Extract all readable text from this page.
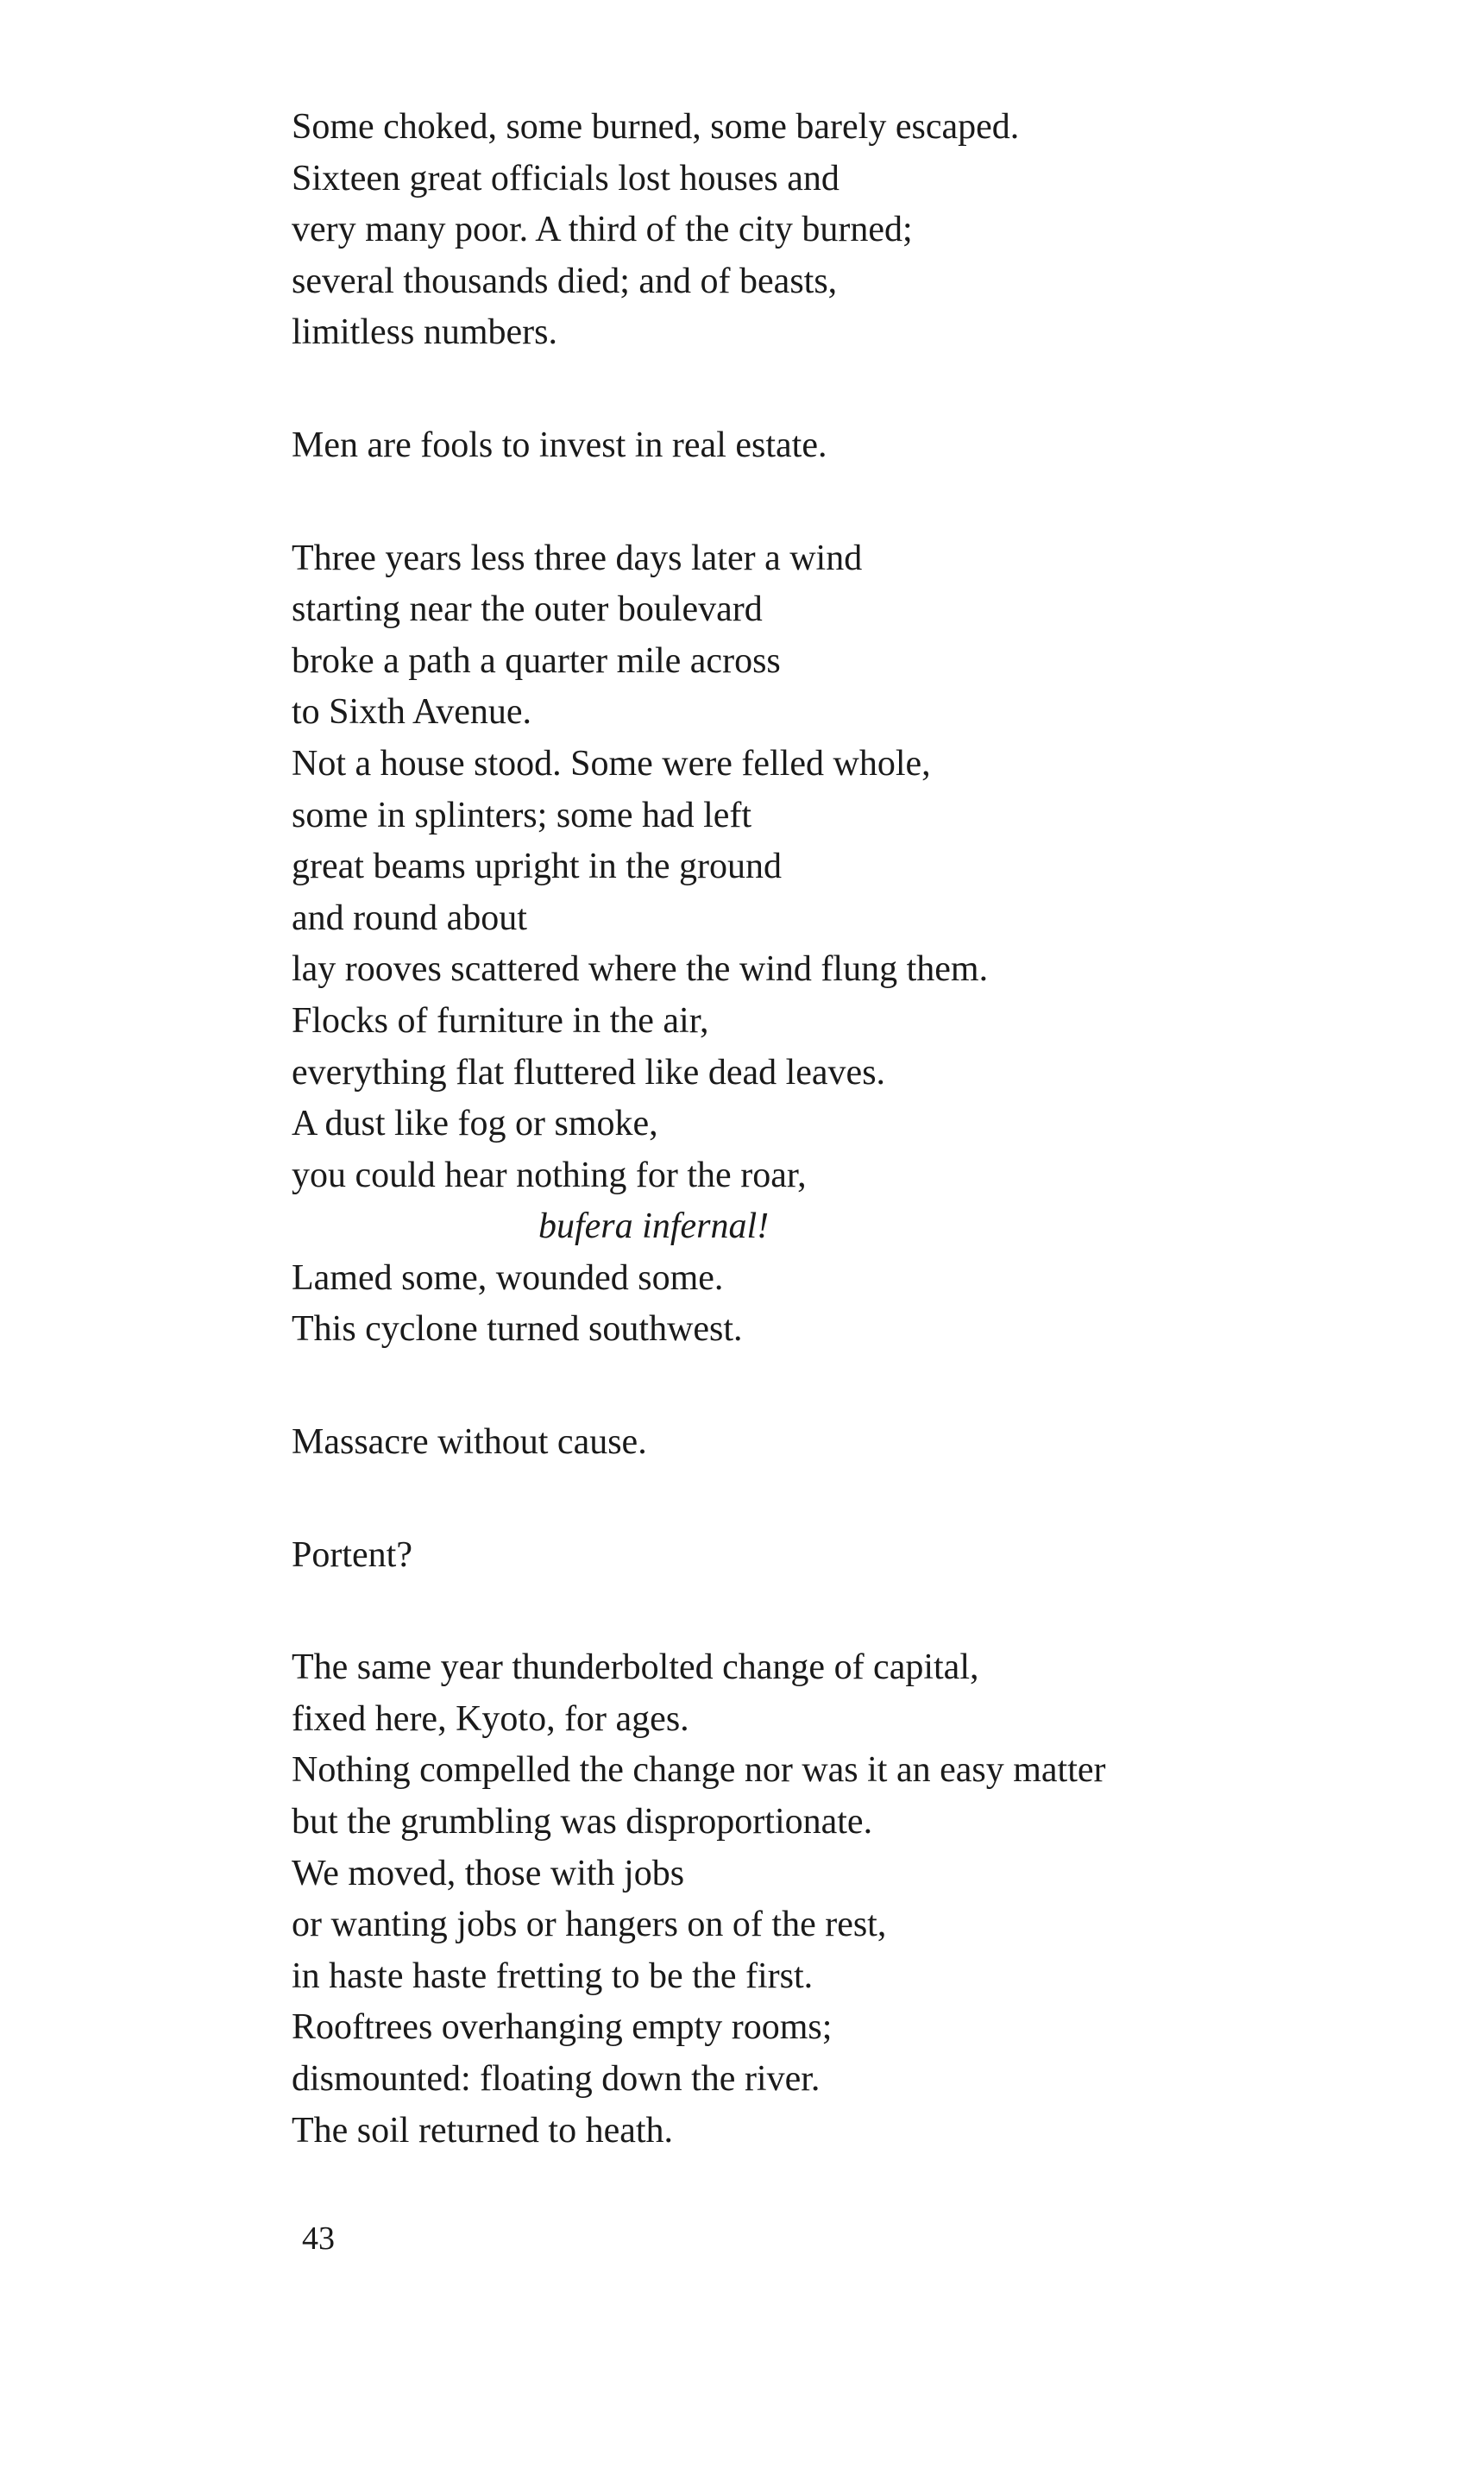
Some choked, some burned, some barely escaped.
Sixteen great officials lost houses and
very many poor. A third of the city burned;
several thousands died; and of beasts,
limitless numbers.
Men are fools to invest in real estate.
Three years less three days later a wind
starting near the outer boulevard
broke a path a quarter mile across
to Sixth Avenue.
Not a house stood. Some were felled whole,
some in splinters; some had left
great beams upright in the ground
and round about
lay rooves scattered where the wind flung them.
Flocks of furniture in the air,
everything flat fluttered like dead leaves.
A dust like fog or smoke,
you could hear nothing for the roar,
bufera infernal!
Lamed some, wounded some.
This cyclone turned southwest.
Massacre without cause.
Portent?
The same year thunderbolted change of capital,
fixed here, Kyoto, for ages.
Nothing compelled the change nor was it an easy matter
but the grumbling was disproportionate.
We moved, those with jobs
or wanting jobs or hangers on of the rest,
in haste haste fretting to be the first.
Rooftrees overhanging empty rooms;
dismounted: floating down the river.
The soil returned to heath.
43
